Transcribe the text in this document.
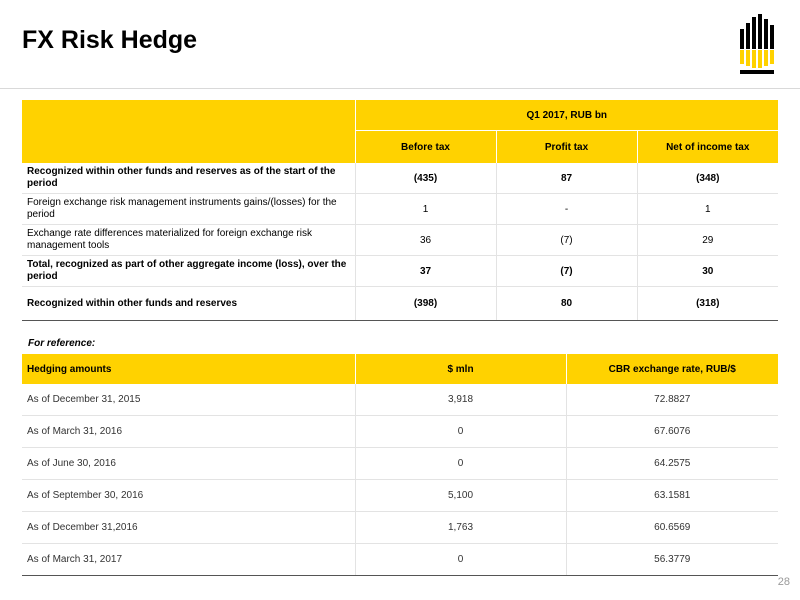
FX Risk Hedge
	Q1 2017, RUB bn		
	Before tax	Profit tax	Net of income tax
Recognized within other funds and reserves as of the start of the period	(435)	87	(348)
Foreign exchange risk management instruments gains/(losses) for the period	1	-	1
Exchange rate differences materialized for foreign exchange risk management tools	36	(7)	29
Total, recognized as part of other aggregate income (loss), over the period	37	(7)	30
Recognized within other funds and reserves	(398)	80	(318)
For reference:
Hedging amounts	$ mln	CBR exchange rate, RUB/$
As of December 31, 2015	3,918	72.8827
As of March 31, 2016	0	67.6076
As of June 30, 2016	0	64.2575
As of September 30, 2016	5,100	63.1581
As of December 31,2016	1,763	60.6569
As of March 31, 2017	0	56.3779
28
